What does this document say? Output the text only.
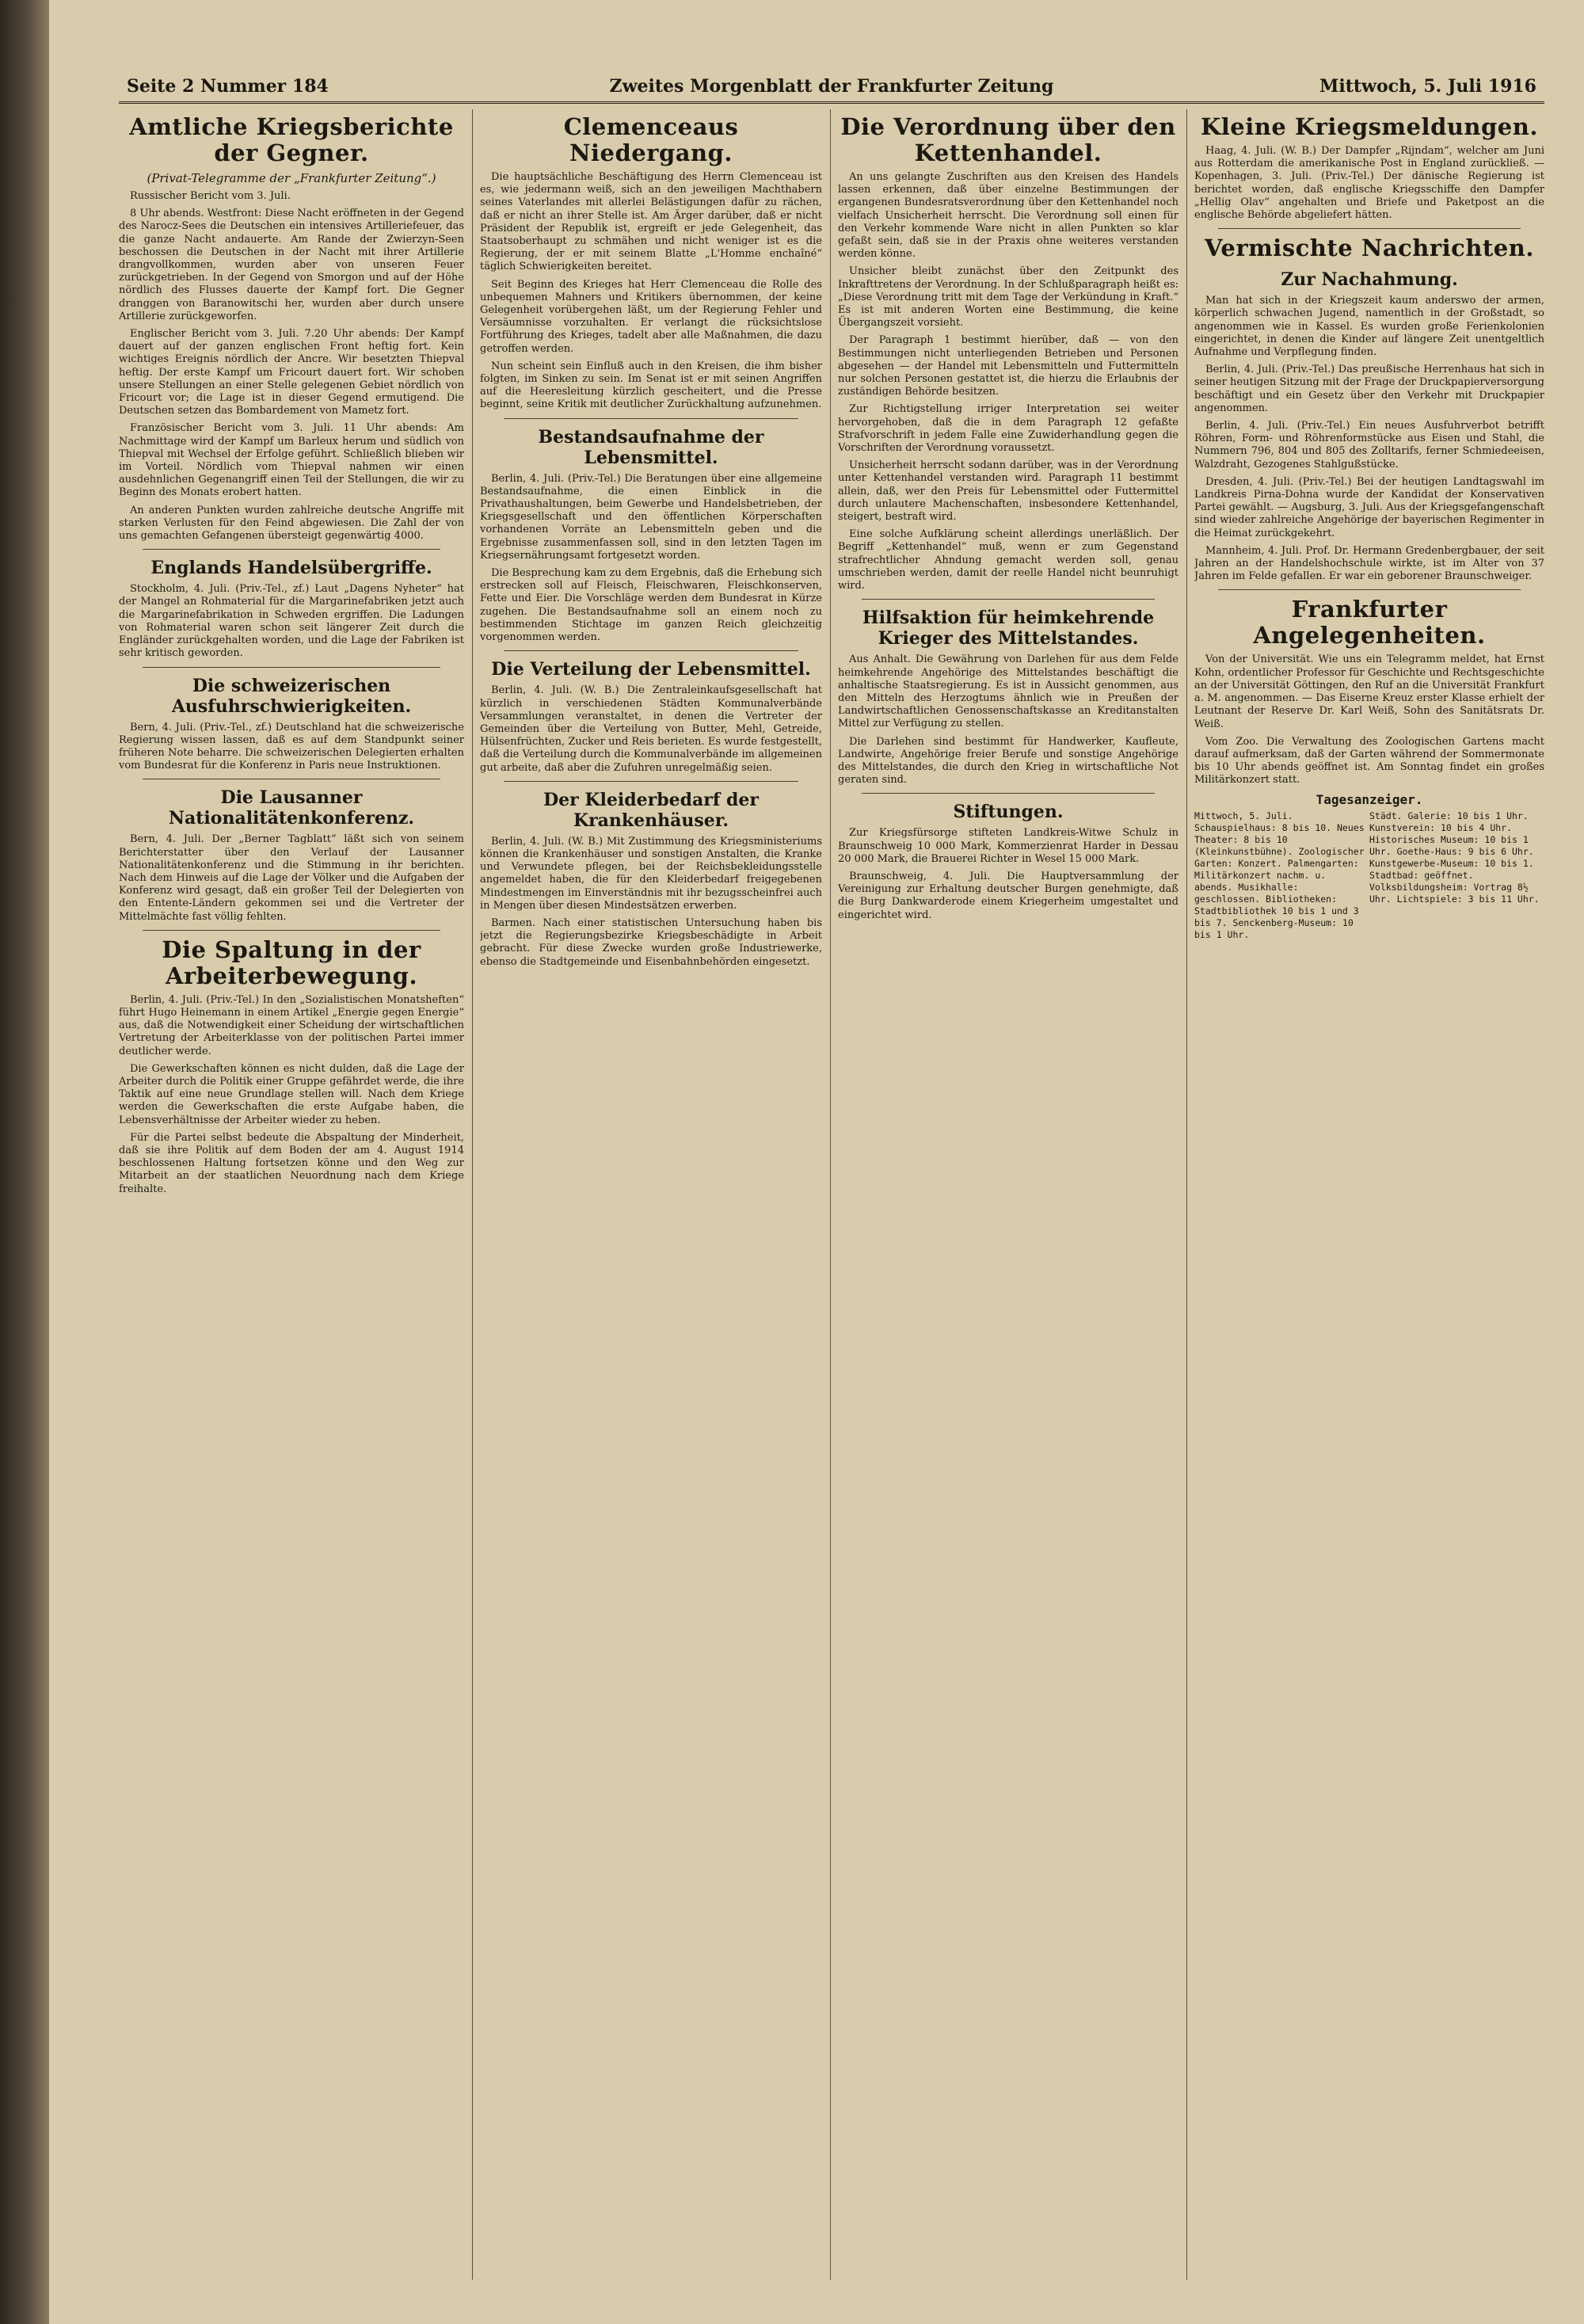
Seite 2 Nummer 184	Zweites Morgenblatt der Frankfurter Zeitung	Mittwoch, 5. Juli 1916
Amtliche Kriegsberichte der Gegner.
(Privat-Telegramme der „Frankfurter Zeitung“.)

Russischer Bericht vom 3. Juli.

8 Uhr abends. Westfront: Diese Nacht eröffneten in der Gegend des Narocz-Sees die Deutschen ein intensives Artilleriefeuer, das die ganze Nacht andauerte. Am Rande der Zwierzyn-Seen beschossen die Deutschen in der Nacht mit ihrer Artillerie drangvollkommen, wurden aber von unseren Feuer zurückgetrieben. In der Gegend von Smorgon und auf der Höhe nördlich des Flusses dauerte der Kampf fort. Die Gegner dranggen von Baranowitschi her, wurden aber durch unsere Artillerie zurückgeworfen.

Englischer Bericht vom 3. Juli. 7.20 Uhr abends: Der Kampf dauert auf der ganzen englischen Front heftig fort. Kein wichtiges Ereignis nördlich der Ancre. Wir besetzten Thiepval heftig. Der erste Kampf um Fricourt dauert fort. Wir schoben unsere Stellungen an einer Stelle gelegenen Gebiet nördlich von Fricourt vor; die Lage ist in dieser Gegend ermutigend. Die Deutschen setzen das Bombardement von Mametz fort.

Französischer Bericht vom 3. Juli. 11 Uhr abends: Am Nachmittage wird der Kampf um Barleux herum und südlich von Thiepval mit Wechsel der Erfolge geführt. Schließlich blieben wir im Vorteil. Nördlich vom Thiepval nahmen wir einen ausdehnlichen Gegenangriff einen Teil der Stellungen, die wir zu Beginn des Monats erobert hatten.

An anderen Punkten wurden zahlreiche deutsche Angriffe mit starken Verlusten für den Feind abgewiesen. Die Zahl der von uns gemachten Gefangenen übersteigt gegenwärtig 4000.

Englands Handelsübergriffe.

Stockholm, 4. Juli. (Priv.-Tel., zf.) Laut „Dagens Nyheter“ hat der Mangel an Rohmaterial für die Margarinefabriken jetzt auch die Margarinefabrikation in Schweden ergriffen. Die Ladungen von Rohmaterial waren schon seit längerer Zeit durch die Engländer zurückgehalten worden, und die Lage der Fabriken ist sehr kritisch geworden.

Die schweizerischen Ausfuhrschwierigkeiten.

Bern, 4. Juli. (Priv.-Tel., zf.) Deutschland hat die schweizerische Regierung wissen lassen, daß es auf dem Standpunkt seiner früheren Note beharre. Die schweizerischen Delegierten erhalten vom Bundesrat für die Konferenz in Paris neue Instruktionen.

Die Lausanner Nationalitätenkonferenz.

Bern, 4. Juli. Der „Berner Tagblatt“ läßt sich von seinem Berichterstatter über den Verlauf der Lausanner Nationalitätenkonferenz und die Stimmung in ihr berichten. Nach dem Hinweis auf die Lage der Völker und die Aufgaben der Konferenz wird gesagt, daß ein großer Teil der Delegierten von den Entente-Ländern gekommen sei und die Vertreter der Mittelmächte fast völlig fehlten.

Die Spaltung in der Arbeiterbewegung.

Berlin, 4. Juli. (Priv.-Tel.) In den „Sozialistischen Monatsheften“ führt Hugo Heinemann in einem Artikel „Energie gegen Energie“ aus, daß die Notwendigkeit einer Scheidung der wirtschaftlichen Vertretung der Arbeiterklasse von der politischen Partei immer deutlicher werde.

Die Gewerkschaften können es nicht dulden, daß die Lage der Arbeiter durch die Politik einer Gruppe gefährdet werde, die ihre Taktik auf eine neue Grundlage stellen will. Nach dem Kriege werden die Gewerkschaften die erste Aufgabe haben, die Lebensverhältnisse der Arbeiter wieder zu heben.

Für die Partei selbst bedeute die Abspaltung der Minderheit, daß sie ihre Politik auf dem Boden der am 4. August 1914 beschlossenen Haltung fortsetzen könne und den Weg zur Mitarbeit an der staatlichen Neuordnung nach dem Kriege freihalte.

Clemenceaus Niedergang.

Die hauptsächliche Beschäftigung des Herrn Clemenceau ist es, wie jedermann weiß, sich an den jeweiligen Machthabern seines Vaterlandes mit allerlei Belästigungen dafür zu rächen, daß er nicht an ihrer Stelle ist. Am Ärger darüber, daß er nicht Präsident der Republik ist, ergreift er jede Gelegenheit, das Staatsoberhaupt zu schmähen und nicht weniger ist es die Regierung, der er mit seinem Blatte „L'Homme enchaîné“ täglich Schwierigkeiten bereitet.

Seit Beginn des Krieges hat Herr Clemenceau die Rolle des unbequemen Mahners und Kritikers übernommen, der keine Gelegenheit vorübergehen läßt, um der Regierung Fehler und Versäumnisse vorzuhalten. Er verlangt die rücksichtslose Fortführung des Krieges, tadelt aber alle Maßnahmen, die dazu getroffen werden.

Nun scheint sein Einfluß auch in den Kreisen, die ihm bisher folgten, im Sinken zu sein. Im Senat ist er mit seinen Angriffen auf die Heeresleitung kürzlich gescheitert, und die Presse beginnt, seine Kritik mit deutlicher Zurückhaltung aufzunehmen.

Bestandsaufnahme der Lebensmittel.

Berlin, 4. Juli. (Priv.-Tel.) Die Beratungen über eine allgemeine Bestandsaufnahme, die einen Einblick in die Privathaushaltungen, beim Gewerbe und Handelsbetrieben, der Kriegsgesellschaft und den öffentlichen Körperschaften vorhandenen Vorräte an Lebensmitteln geben und die Ergebnisse zusammenfassen soll, sind in den letzten Tagen im Kriegsernährungsamt fortgesetzt worden.

Die Besprechung kam zu dem Ergebnis, daß die Erhebung sich erstrecken soll auf Fleisch, Fleischwaren, Fleischkonserven, Fette und Eier. Die Vorschläge werden dem Bundesrat in Kürze zugehen. Die Bestandsaufnahme soll an einem noch zu bestimmenden Stichtage im ganzen Reich gleichzeitig vorgenommen werden.

Die Verteilung der Lebensmittel.

Berlin, 4. Juli. (W. B.) Die Zentraleinkaufsgesellschaft hat kürzlich in verschiedenen Städten Kommunalverbände Versammlungen veranstaltet, in denen die Vertreter der Gemeinden über die Verteilung von Butter, Mehl, Getreide, Hülsenfrüchten, Zucker und Reis berieten. Es wurde festgestellt, daß die Verteilung durch die Kommunalverbände im allgemeinen gut arbeite, daß aber die Zufuhren unregelmäßig seien.

Der Kleiderbedarf der Krankenhäuser.

Berlin, 4. Juli. (W. B.) Mit Zustimmung des Kriegsministeriums können die Krankenhäuser und sonstigen Anstalten, die Kranke und Verwundete pflegen, bei der Reichsbekleidungsstelle angemeldet haben, die für den Kleiderbedarf freigegebenen Mindestmengen im Einverständnis mit ihr bezugsscheinfrei auch in Mengen über diesen Mindestsätzen erwerben.

Barmen. Nach einer statistischen Untersuchung haben bis jetzt die Regierungsbezirke Kriegsbeschädigte in Arbeit gebracht. Für diese Zwecke wurden große Industriewerke, ebenso die Stadtgemeinde und Eisenbahnbehörden eingesetzt.

Die Verordnung über den Kettenhandel.

An uns gelangte Zuschriften aus den Kreisen des Handels lassen erkennen, daß über einzelne Bestimmungen der ergangenen Bundesratsverordnung über den Kettenhandel noch vielfach Unsicherheit herrscht. Die Verordnung soll einen für den Verkehr kommende Ware nicht in allen Punkten so klar gefaßt sein, daß sie in der Praxis ohne weiteres verstanden werden könne.

Unsicher bleibt zunächst über den Zeitpunkt des Inkrafttretens der Verordnung. In der Schlußparagraph heißt es: „Diese Verordnung tritt mit dem Tage der Verkündung in Kraft.“ Es ist mit anderen Worten eine Bestimmung, die keine Übergangszeit vorsieht.

Der Paragraph 1 bestimmt hierüber, daß — von den Bestimmungen nicht unterliegenden Betrieben und Personen abgesehen — der Handel mit Lebensmitteln und Futtermitteln nur solchen Personen gestattet ist, die hierzu die Erlaubnis der zuständigen Behörde besitzen.

Zur Richtigstellung irriger Interpretation sei weiter hervorgehoben, daß die in dem Paragraph 12 gefaßte Strafvorschrift in jedem Falle eine Zuwiderhandlung gegen die Vorschriften der Verordnung voraussetzt.

Unsicherheit herrscht sodann darüber, was in der Verordnung unter Kettenhandel verstanden wird. Paragraph 11 bestimmt allein, daß, wer den Preis für Lebensmittel oder Futtermittel durch unlautere Machenschaften, insbesondere Kettenhandel, steigert, bestraft wird.

Eine solche Aufklärung scheint allerdings unerläßlich. Der Begriff „Kettenhandel“ muß, wenn er zum Gegenstand strafrechtlicher Ahndung gemacht werden soll, genau umschrieben werden, damit der reelle Handel nicht beunruhigt wird.

Hilfsaktion für heimkehrende Krieger des Mittelstandes.

Aus Anhalt. Die Gewährung von Darlehen für aus dem Felde heimkehrende Angehörige des Mittelstandes beschäftigt die anhaltische Staatsregierung. Es ist in Aussicht genommen, aus den Mitteln des Herzogtums ähnlich wie in Preußen der Landwirtschaftlichen Genossenschaftskasse an Kreditanstalten Mittel zur Verfügung zu stellen.

Die Darlehen sind bestimmt für Handwerker, Kaufleute, Landwirte, Angehörige freier Berufe und sonstige Angehörige des Mittelstandes, die durch den Krieg in wirtschaftliche Not geraten sind.

Stiftungen.

Zur Kriegsfürsorge stifteten Landkreis-Witwe Schulz in Braunschweig 10 000 Mark, Kommerzienrat Harder in Dessau 20 000 Mark, die Brauerei Richter in Wesel 15 000 Mark.

Braunschweig, 4. Juli. Die Hauptversammlung der Vereinigung zur Erhaltung deutscher Burgen genehmigte, daß die Burg Dankwarderode einem Kriegerheim umgestaltet und eingerichtet wird.

Kleine Kriegsmeldungen.

Haag, 4. Juli. (W. B.) Der Dampfer „Rijndam“, welcher am Juni aus Rotterdam die amerikanische Post in England zurückließ. — Kopenhagen, 3. Juli. (Priv.-Tel.) Der dänische Regierung ist berichtet worden, daß englische Kriegsschiffe den Dampfer „Hellig Olav“ angehalten und Briefe und Paketpost an die englische Behörde abgeliefert hätten.

Vermischte Nachrichten.
Zur Nachahmung.

Man hat sich in der Kriegszeit kaum anderswo der armen, körperlich schwachen Jugend, namentlich in der Großstadt, so angenommen wie in Kassel. Es wurden große Ferienkolonien eingerichtet, in denen die Kinder auf längere Zeit unentgeltlich Aufnahme und Verpflegung finden.

Berlin, 4. Juli. (Priv.-Tel.) Das preußische Herrenhaus hat sich in seiner heutigen Sitzung mit der Frage der Druckpapierversorgung beschäftigt und ein Gesetz über den Verkehr mit Druckpapier angenommen.

Berlin, 4. Juli. (Priv.-Tel.) Ein neues Ausfuhrverbot betrifft Röhren, Form- und Röhrenformstücke aus Eisen und Stahl, die Nummern 796, 804 und 805 des Zolltarifs, ferner Schmiedeeisen, Walzdraht, Gezogenes Stahlgußstücke.

Dresden, 4. Juli. (Priv.-Tel.) Bei der heutigen Landtagswahl im Landkreis Pirna-Dohna wurde der Kandidat der Konservativen Partei gewählt. — Augsburg, 3. Juli. Aus der Kriegsgefangenschaft sind wieder zahlreiche Angehörige der bayerischen Regimenter in die Heimat zurückgekehrt.

Mannheim, 4. Juli. Prof. Dr. Hermann Gredenbergbauer, der seit Jahren an der Handelshochschule wirkte, ist im Alter von 37 Jahren im Felde gefallen. Er war ein geborener Braunschweiger.

Frankfurter Angelegenheiten.

Von der Universität. Wie uns ein Telegramm meldet, hat Ernst Kohn, ordentlicher Professor für Geschichte und Rechtsgeschichte an der Universität Göttingen, den Ruf an die Universität Frankfurt a. M. angenommen. — Das Eiserne Kreuz erster Klasse erhielt der Leutnant der Reserve Dr. Karl Weiß, Sohn des Sanitätsrats Dr. Weiß.

Vom Zoo. Die Verwaltung des Zoologischen Gartens macht darauf aufmerksam, daß der Garten während der Sommermonate bis 10 Uhr abends geöffnet ist. Am Sonntag findet ein großes Militärkonzert statt.

Tagesanzeiger.
Mittwoch, 5. Juli. Schauspielhaus: 8 bis 10. Neues Theater: 8 bis 10 (Kleinkunstbühne). Zoologischer Garten: Konzert. Palmengarten: Militärkonzert nachm. u. abends. Musikhalle: geschlossen. Bibliotheken: Stadtbibliothek 10 bis 1 und 3 bis 7. Senckenberg-Museum: 10 bis 1 Uhr.
Städt. Galerie: 10 bis 1 Uhr. Kunstverein: 10 bis 4 Uhr. Historisches Museum: 10 bis 1 Uhr. Goethe-Haus: 9 bis 6 Uhr. Kunstgewerbe-Museum: 10 bis 1. Stadtbad: geöffnet. Volksbildungsheim: Vortrag 8½ Uhr. Lichtspiele: 3 bis 11 Uhr.
